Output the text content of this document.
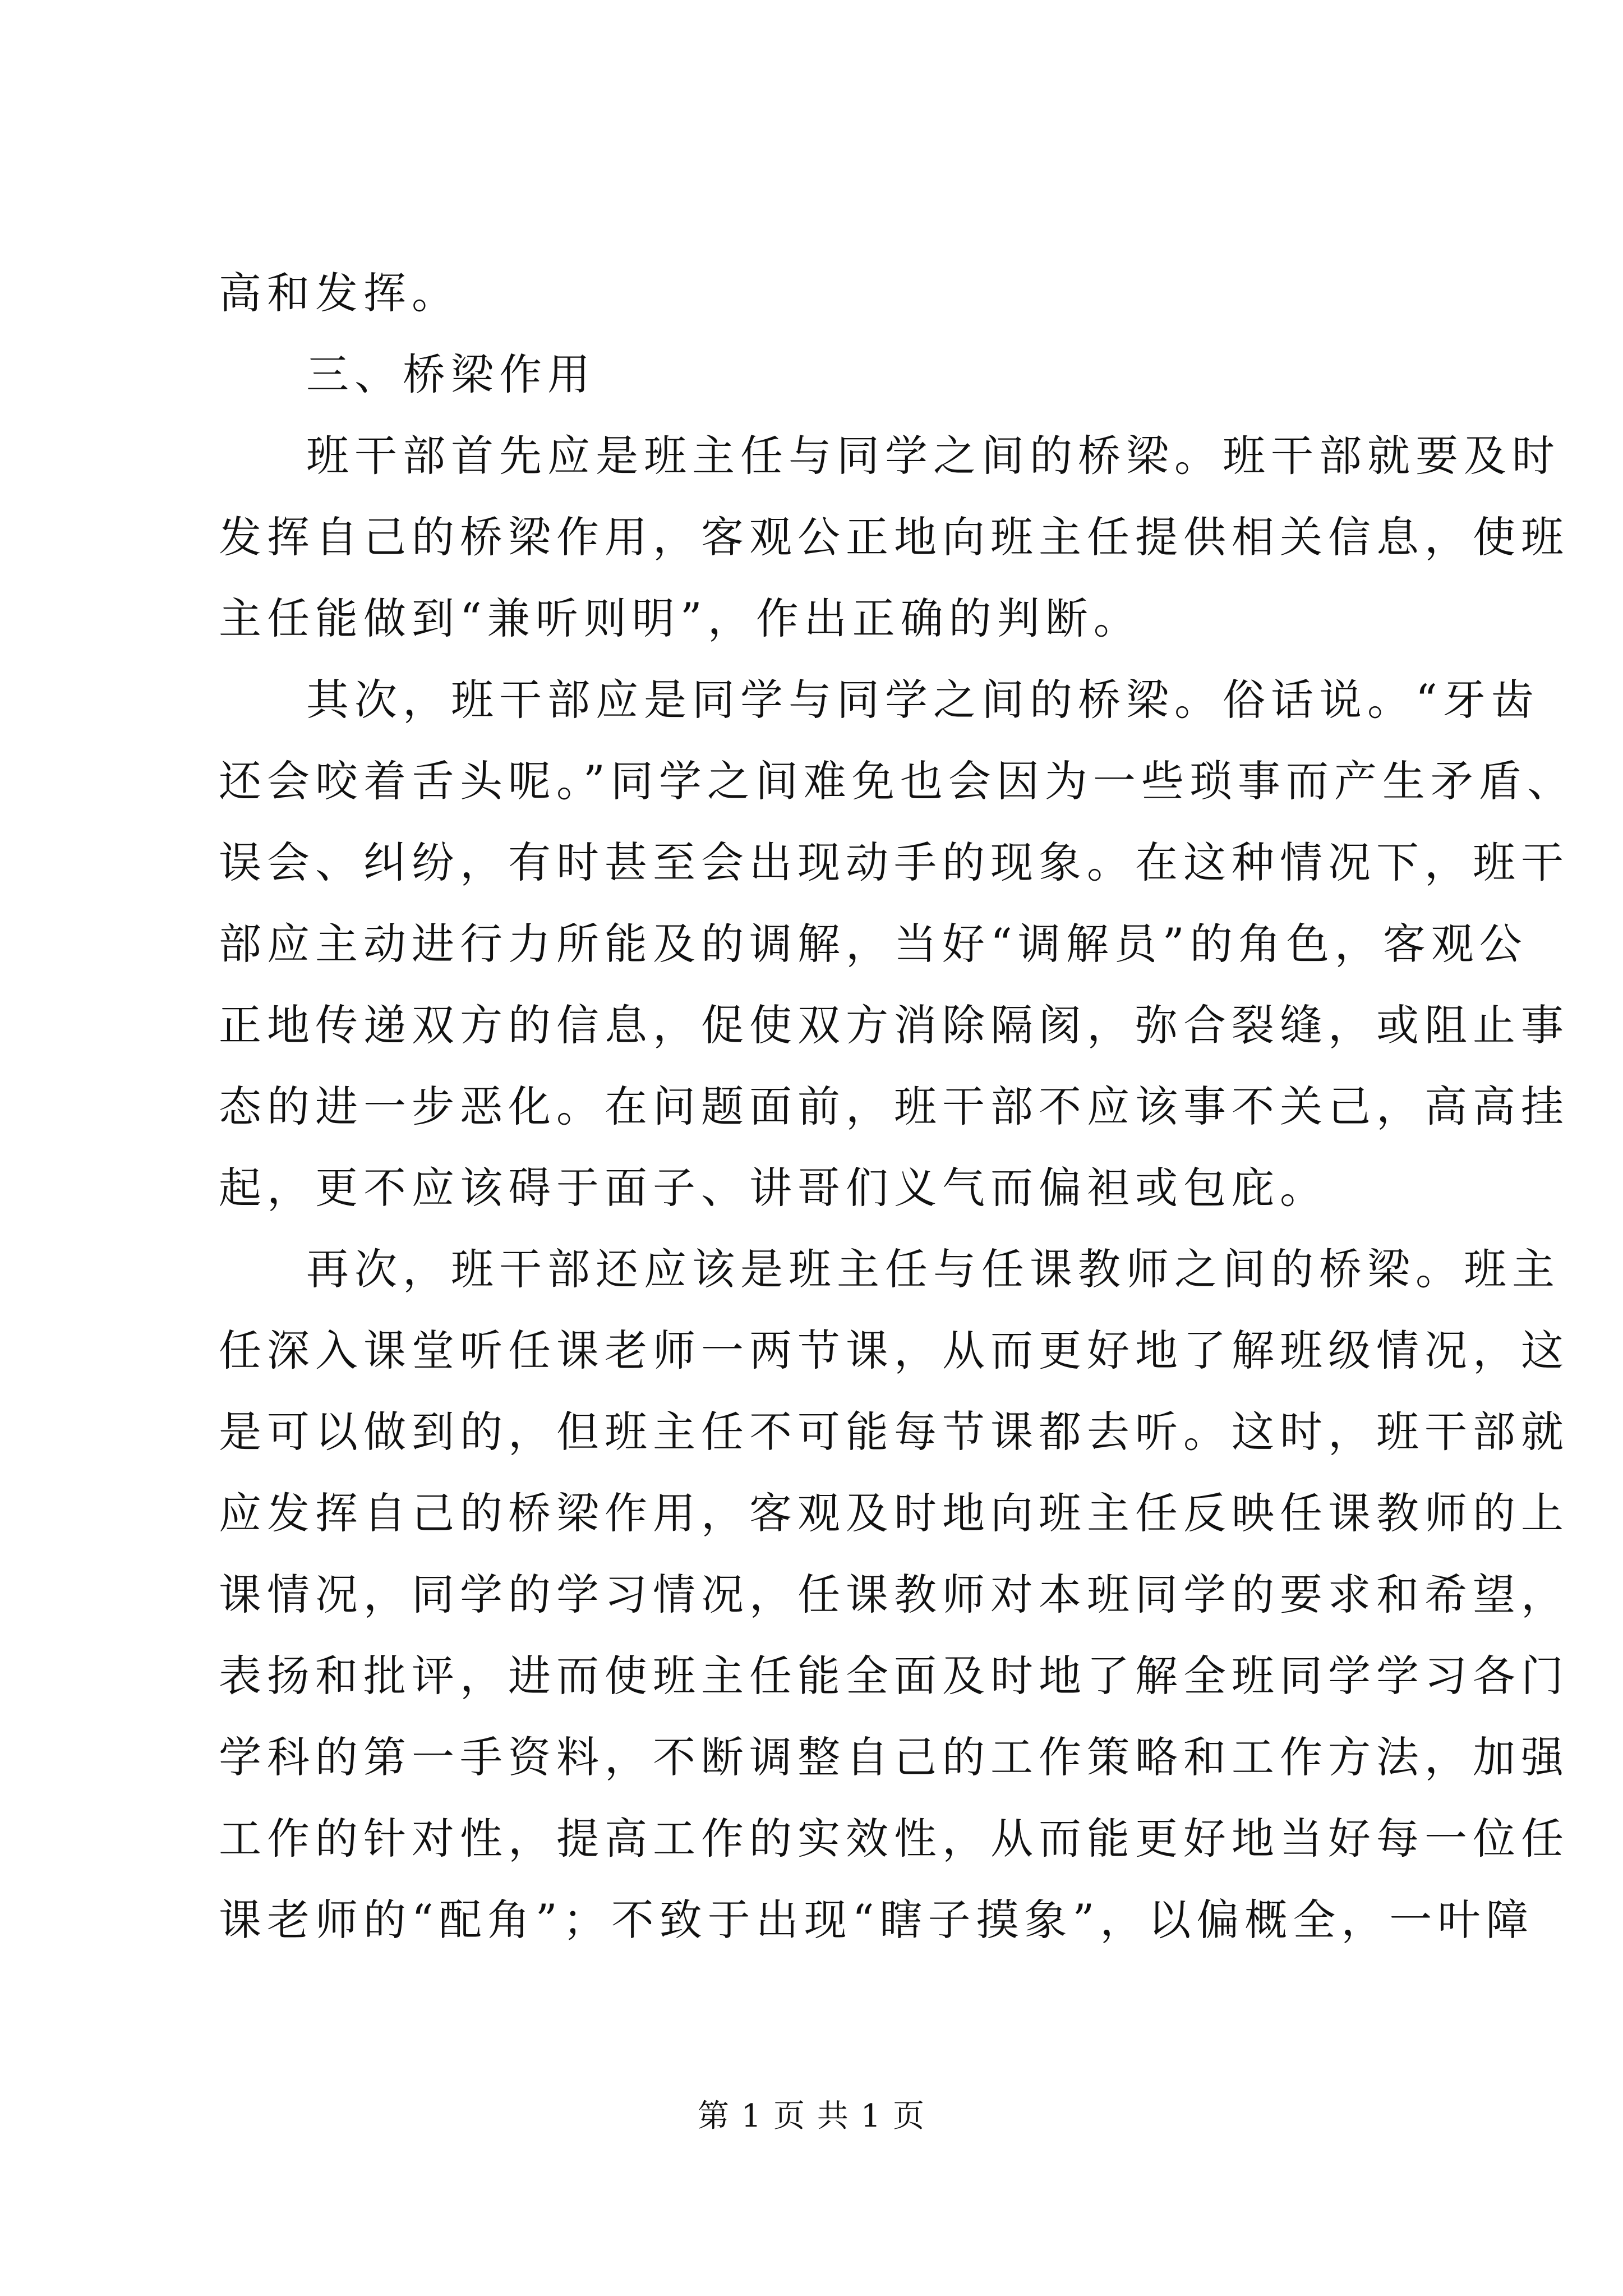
高和发挥。
三、桥梁作用
班干部首先应是班主任与同学之间的桥梁。班干部就要及时
发挥自己的桥梁作用，客观公正地向班主任提供相关信息，使班
主任能做到“兼听则明”，作出正确的判断。
其次，班干部应是同学与同学之间的桥梁。俗话说。“牙齿
还会咬着舌头呢。”同学之间难免也会因为一些琐事而产生矛盾、
误会、纠纷，有时甚至会出现动手的现象。在这种情况下，班干
部应主动进行力所能及的调解，当好“调解员”的角色，客观公
正地传递双方的信息，促使双方消除隔阂，弥合裂缝，或阻止事
态的进一步恶化。在问题面前，班干部不应该事不关己，高高挂
起，更不应该碍于面子、讲哥们义气而偏袒或包庇。
再次，班干部还应该是班主任与任课教师之间的桥梁。班主
任深入课堂听任课老师一两节课，从而更好地了解班级情况，这
是可以做到的，但班主任不可能每节课都去听。这时，班干部就
应发挥自己的桥梁作用，客观及时地向班主任反映任课教师的上
课情况，同学的学习情况，任课教师对本班同学的要求和希望，
表扬和批评，进而使班主任能全面及时地了解全班同学学习各门
学科的第一手资料，不断调整自己的工作策略和工作方法，加强
工作的针对性，提高工作的实效性，从而能更好地当好每一位任
课老师的“配角”；不致于出现“瞎子摸象”，以偏概全，一叶障
第 1 页 共 1 页
